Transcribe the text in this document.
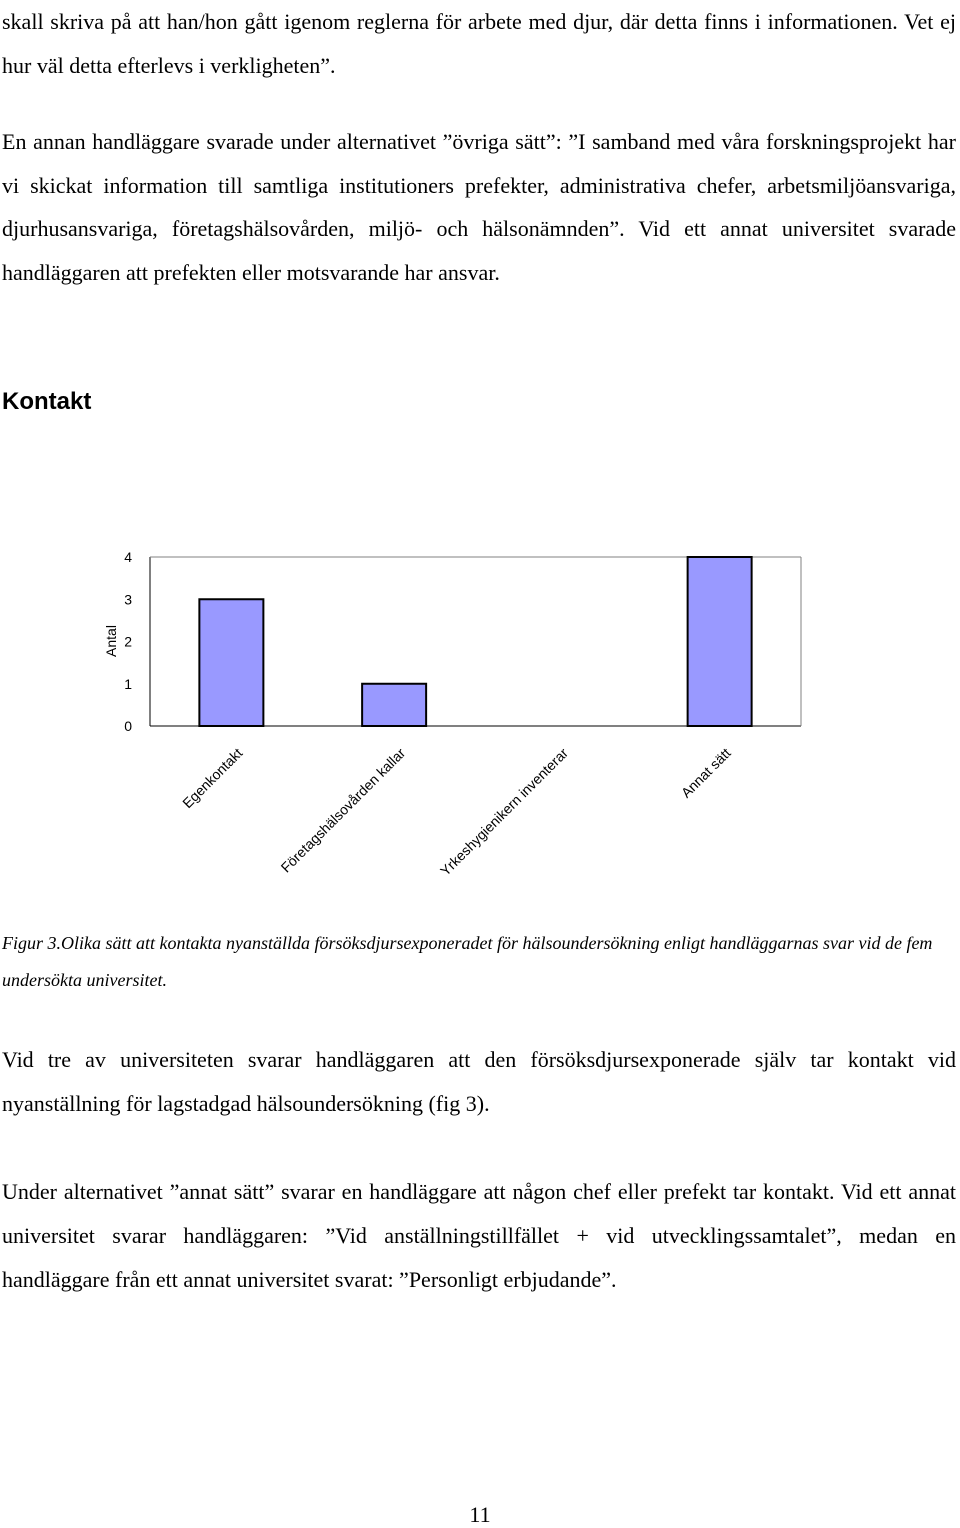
skall skriva på att han/hon gått igenom reglerna för arbete med djur, där detta finns i informationen. Vet ej hur väl detta efterlevs i verkligheten”.

En annan handläggare svarade under alternativet ”övriga sätt”: ”I samband med våra forskningsprojekt har vi skickat information till samtliga institutioners prefekter, administrativa chefer, arbetsmiljöansvariga, djurhusansvariga, företagshälsovården, miljö- och hälsonämnden”. Vid ett annat universitet svarade handläggaren att prefekten eller motsvarande har ansvar.

Kontakt
0
1
2
3
4
Egenkontakt Företagshälsovården kallar Yrkeshygienikern inventerar	Annat sätt
Antal

Figur 3.Olika sätt att kontakta nyanställda försöksdjursexponeradet för hälsoundersökning enligt handläggarnas svar vid de fem undersökta universitet.

Vid tre av universiteten svarar handläggaren att den försöksdjursexponerade själv tar kontakt vid nyanställning för lagstadgad hälsoundersökning (fig 3).

Under alternativet ”annat sätt” svarar en handläggare att någon chef eller prefekt tar kontakt. Vid ett annat universitet svarar handläggaren: ”Vid anställningstillfället + vid utvecklingssamtalet”, medan en handläggare från ett annat universitet svarat: ”Personligt erbjudande”.

11
